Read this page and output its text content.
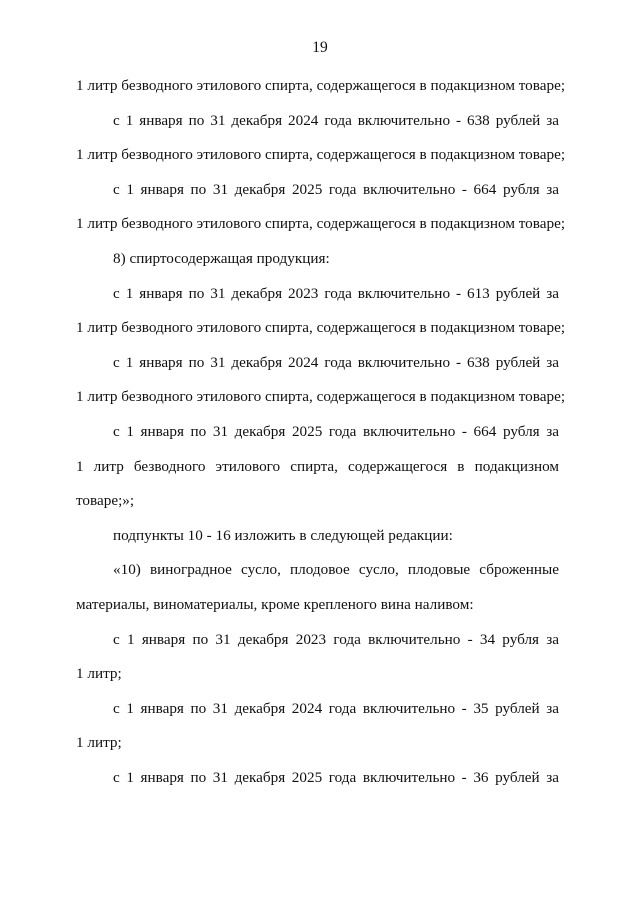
19
1 литр безводного этилового спирта, содержащегося в подакцизном товаре;
с 1 января по 31 декабря 2024 года включительно - 638 рублей за
1 литр безводного этилового спирта, содержащегося в подакцизном товаре;
с 1 января по 31 декабря 2025 года включительно - 664 рубля за
1 литр безводного этилового спирта, содержащегося в подакцизном товаре;
8) спиртосодержащая продукция:
с 1 января по 31 декабря 2023 года включительно - 613 рублей за
1 литр безводного этилового спирта, содержащегося в подакцизном товаре;
с 1 января по 31 декабря 2024 года включительно - 638 рублей за
1 литр безводного этилового спирта, содержащегося в подакцизном товаре;
с 1 января по 31 декабря 2025 года включительно - 664 рубля за
1 литр безводного этилового спирта, содержащегося в подакцизном
товаре;»;
подпункты 10 - 16 изложить в следующей редакции:
«10) виноградное сусло, плодовое сусло, плодовые сброженные
материалы, виноматериалы, кроме крепленого вина наливом:
с 1 января по 31 декабря 2023 года включительно - 34 рубля за
1 литр;
с 1 января по 31 декабря 2024 года включительно - 35 рублей за
1 литр;
с 1 января по 31 декабря 2025 года включительно - 36 рублей за
